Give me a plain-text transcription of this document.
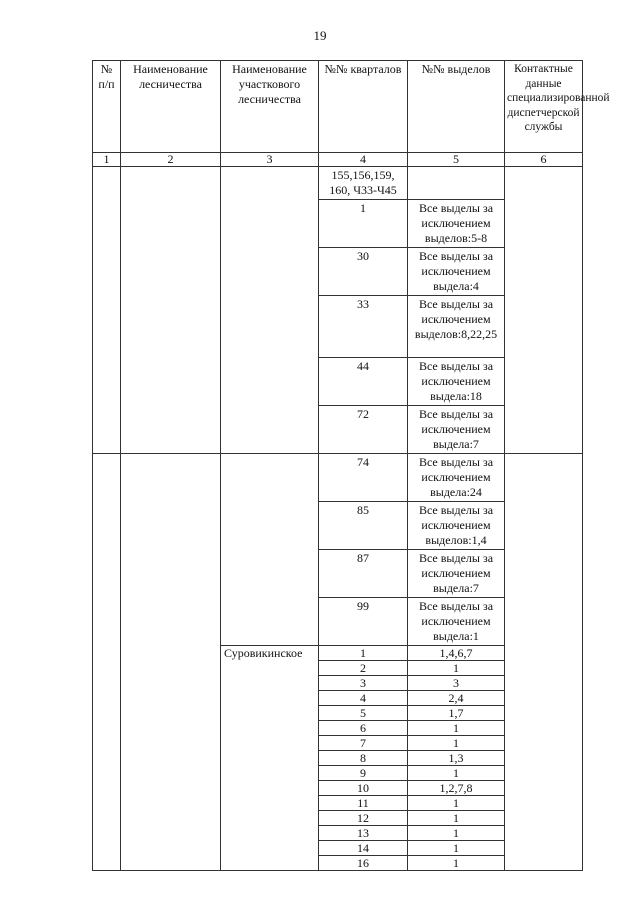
19
№ п/п	Наименование лесничества	Наименование участкового лесничества	№№ кварталов	№№ выделов	Контактные данные специализированной диспетчерской службы
1	2	3	4	5	6
			155,156,159, 160, Ч33-Ч45		
			1	Все выделы за исключением выделов:5-8	
			30	Все выделы за исключением выдела:4	
			33	Все выделы за исключением выделов:8,22,25	
			44	Все выделы за исключением выдела:18	
			72	Все выделы за исключением выдела:7	
			74	Все выделы за исключением выдела:24	
			85	Все выделы за исключением выделов:1,4	
			87	Все выделы за исключением выдела:7	
			99	Все выделы за исключением выдела:1	
		Суровикинское	1	1,4,6,7	
			2	1	
			3	3	
			4	2,4	
			5	1,7	
			6	1	
			7	1	
			8	1,3	
			9	1	
			10	1,2,7,8	
			11	1	
			12	1	
			13	1	
			14	1	
			16	1	
